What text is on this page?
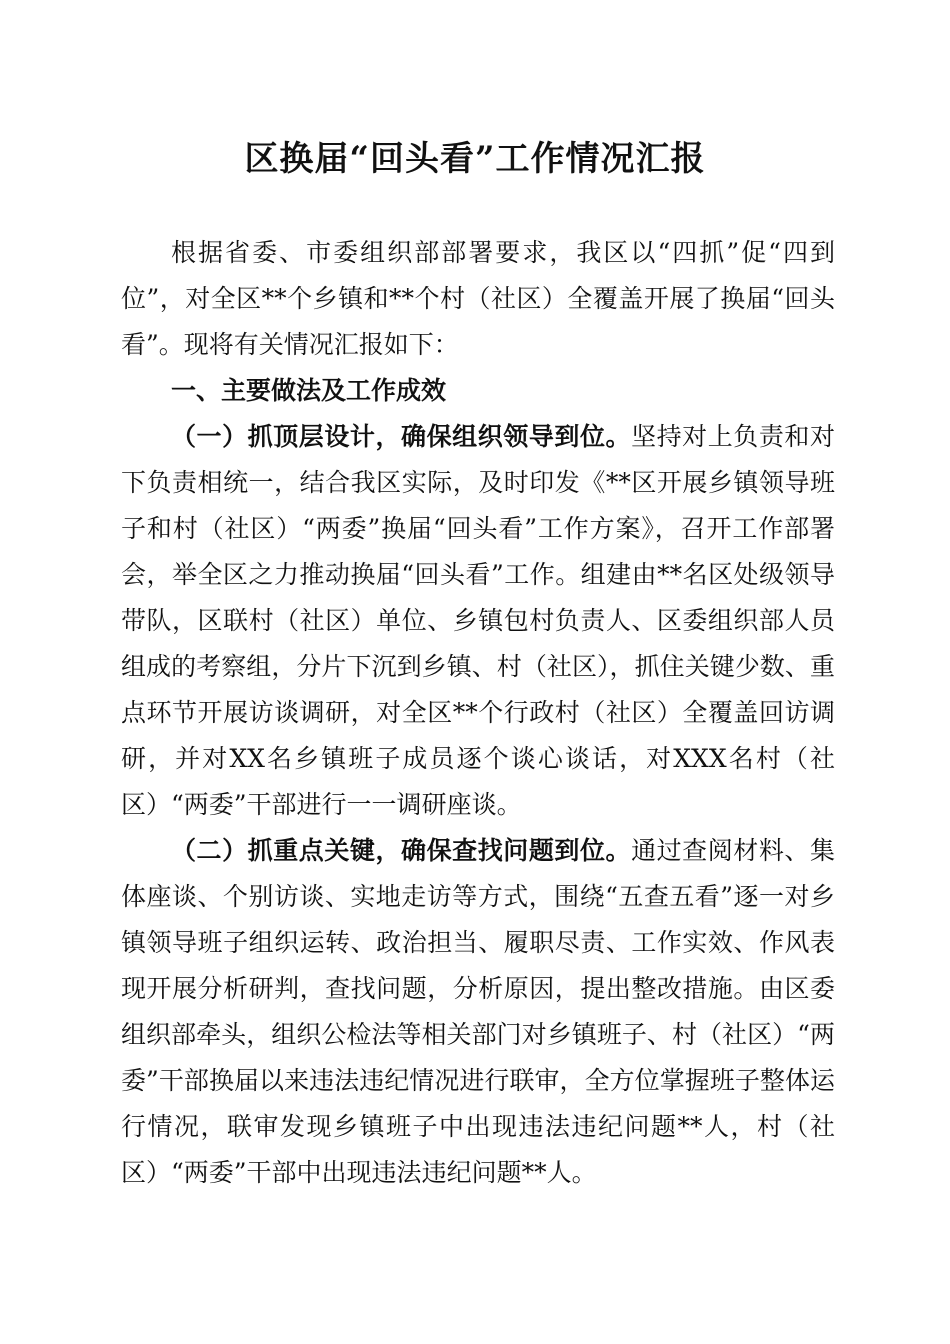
区换届“回头看”工作情况汇报

根据省委、市委组织部部署要求，我区以“四抓”促“四到位”，对全区**个乡镇和**个村（社区）全覆盖开展了换届“回头看”。现将有关情况汇报如下：

一、主要做法及工作成效

（一）抓顶层设计，确保组织领导到位。坚持对上负责和对下负责相统一，结合我区实际，及时印发《**区开展乡镇领导班子和村（社区）“两委”换届“回头看”工作方案》，召开工作部署会，举全区之力推动换届“回头看”工作。组建由**名区处级领导带队，区联村（社区）单位、乡镇包村负责人、区委组织部人员组成的考察组，分片下沉到乡镇、村（社区），抓住关键少数、重点环节开展访谈调研，对全区**个行政村（社区）全覆盖回访调研，并对XX名乡镇班子成员逐个谈心谈话，对XXX名村（社区）“两委”干部进行一一调研座谈。

（二）抓重点关键，确保查找问题到位。通过查阅材料、集体座谈、个别访谈、实地走访等方式，围绕“五查五看”逐一对乡镇领导班子组织运转、政治担当、履职尽责、工作实效、作风表现开展分析研判，查找问题，分析原因，提出整改措施。由区委组织部牵头，组织公检法等相关部门对乡镇班子、村（社区）“两委”干部换届以来违法违纪情况进行联审，全方位掌握班子整体运行情况，联审发现乡镇班子中出现违法违纪问题**人，村（社区）“两委”干部中出现违法违纪问题**人。
